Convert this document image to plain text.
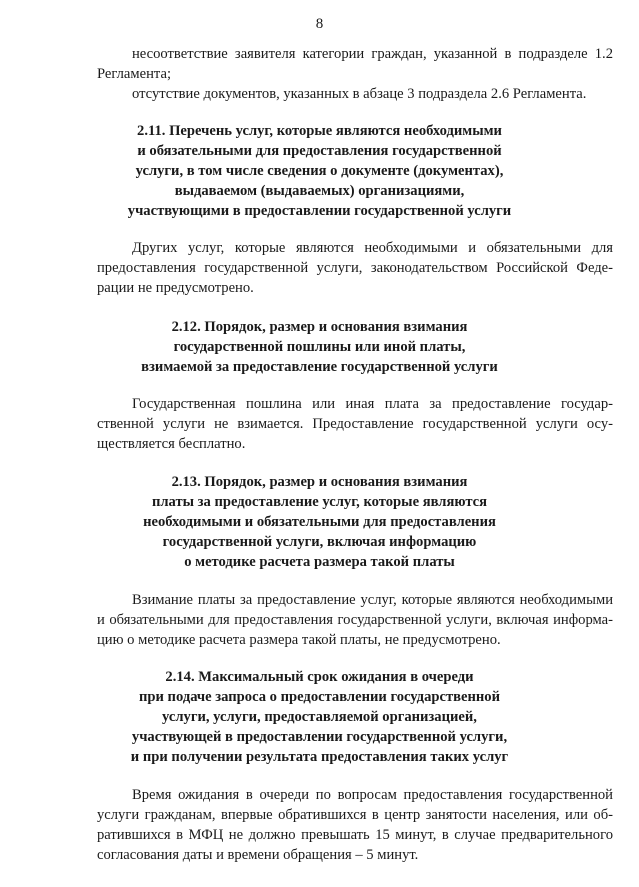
8
несоответствие заявителя категории граждан, указанной в подразделе 1.2
Регламента;
отсутствие документов, указанных в абзаце 3 подраздела 2.6 Регламента.
2.11. Перечень услуг, которые являются необходимыми
и обязательными для предоставления государственной
услуги, в том числе сведения о документе (документах),
выдаваемом (выдаваемых) организациями,
участвующими в предоставлении государственной услуги
Других услуг, которые являются необходимыми и обязательными для
предоставления государственной услуги, законодательством Российской Феде-
рации не предусмотрено.
2.12. Порядок, размер и основания взимания
государственной пошлины или иной платы,
взимаемой за предоставление государственной услуги
Государственная пошлина или иная плата за предоставление государ-
ственной услуги не взимается. Предоставление государственной услуги осу-
ществляется бесплатно.
2.13. Порядок, размер и основания взимания
платы за предоставление услуг, которые являются
необходимыми и обязательными для предоставления
государственной услуги, включая информацию
о методике расчета размера такой платы
Взимание платы за предоставление услуг, которые являются необходимыми
и обязательными для предоставления государственной услуги, включая информа-
цию о методике расчета размера такой платы, не предусмотрено.
2.14. Максимальный срок ожидания в очереди
при подаче запроса о предоставлении государственной
услуги, услуги, предоставляемой организацией,
участвующей в предоставлении государственной услуги,
и при получении результата предоставления таких услуг
Время ожидания в очереди по вопросам предоставления государственной
услуги гражданам, впервые обратившихся в центр занятости населения, или об-
ратившихся в МФЦ не должно превышать 15 минут, в случае предварительного
согласования даты и времени обращения – 5 минут.
